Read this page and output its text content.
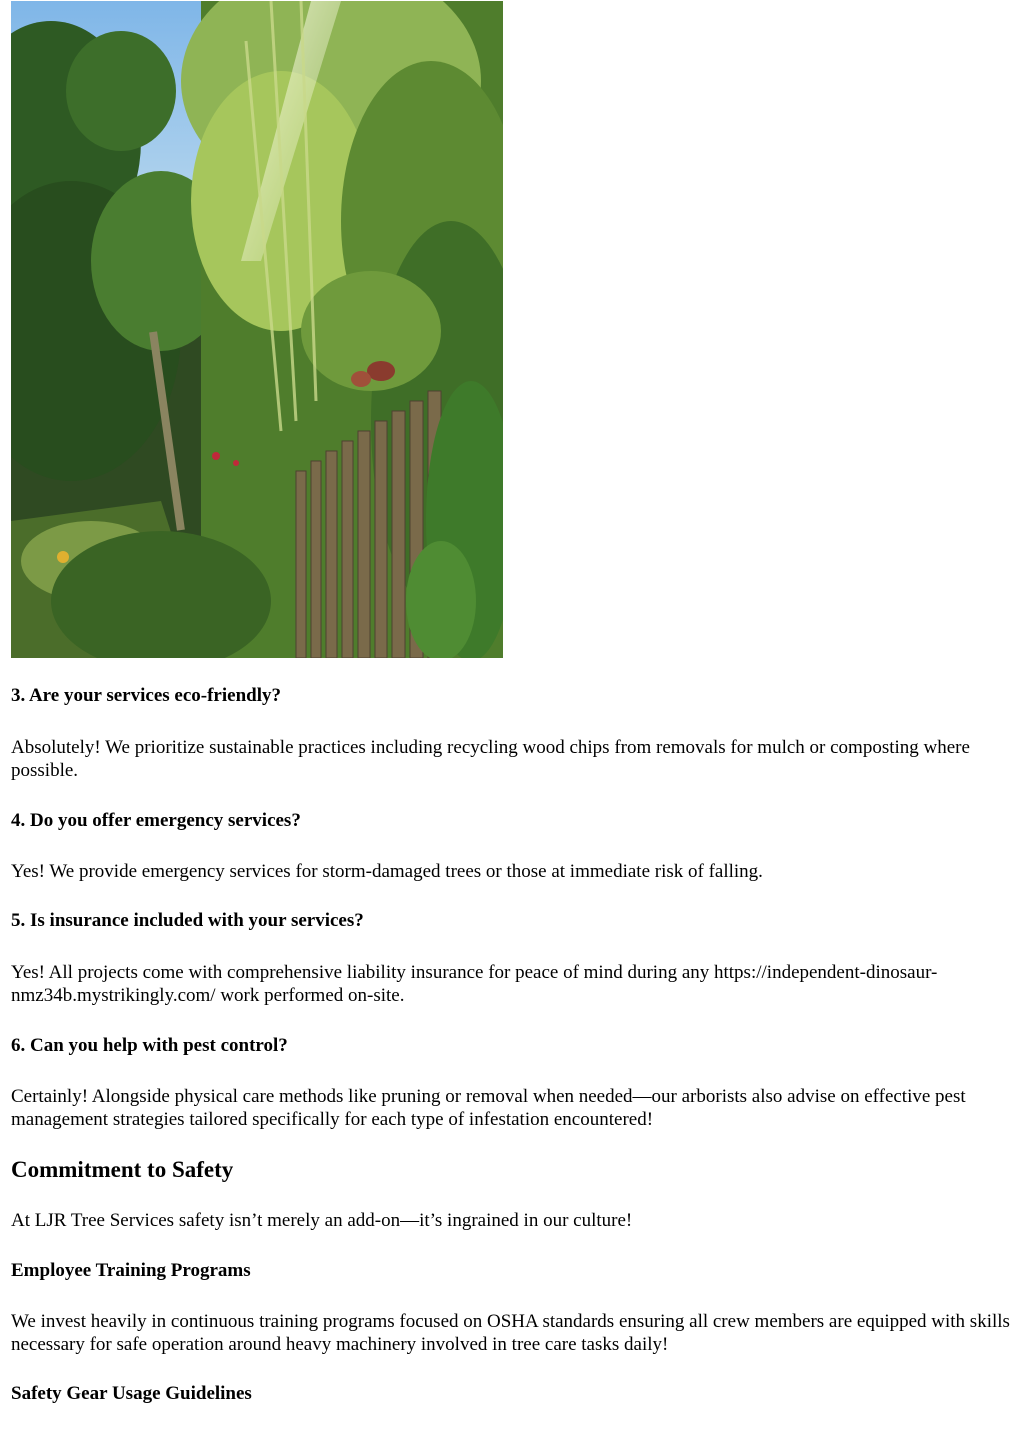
3. Are your services eco-friendly?

Absolutely! We prioritize sustainable practices including recycling wood chips from removals for mulch or composting where possible.

4. Do you offer emergency services?

Yes! We provide emergency services for storm-damaged trees or those at immediate risk of falling.

5. Is insurance included with your services?

Yes! All projects come with comprehensive liability insurance for peace of mind during any https://independent-dinosaur-nmz34b.mystrikingly.com/ work performed on-site.

6. Can you help with pest control?

Certainly! Alongside physical care methods like pruning or removal when needed—our arborists also advise on effective pest management strategies tailored specifically for each type of infestation encountered!

Commitment to Safety

At LJR Tree Services safety isn’t merely an add-on—it’s ingrained in our culture!

Employee Training Programs

We invest heavily in continuous training programs focused on OSHA standards ensuring all crew members are equipped with skills necessary for safe operation around heavy machinery involved in tree care tasks daily!

Safety Gear Usage Guidelines
